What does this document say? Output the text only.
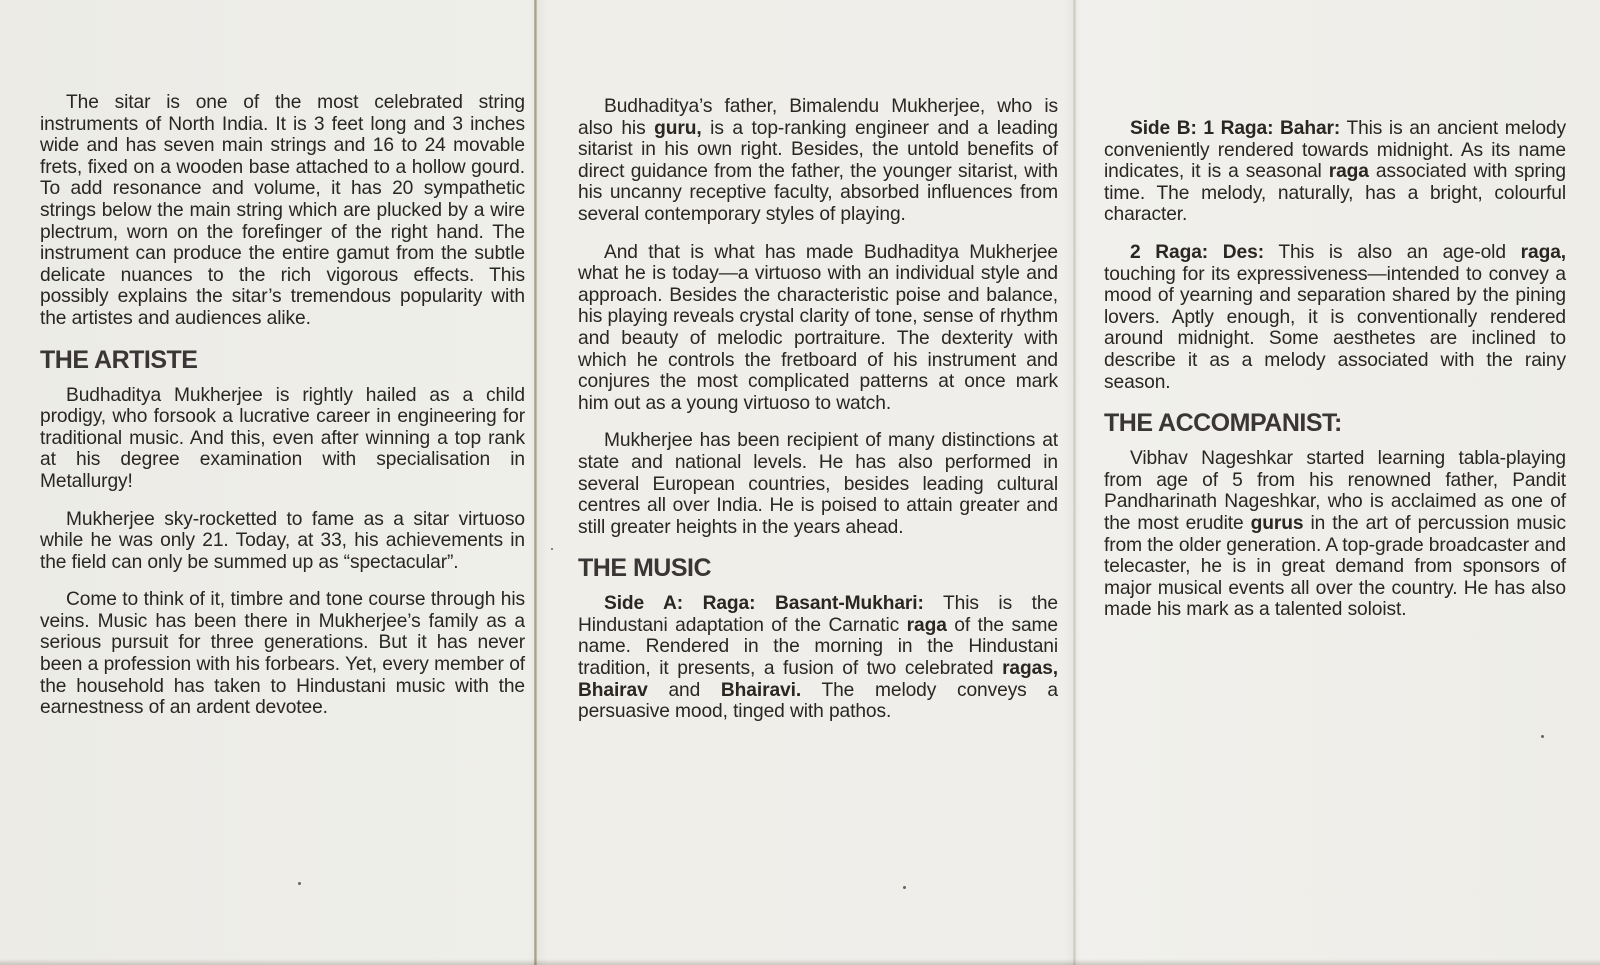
The sitar is one of the most celebrated string instruments of North India. It is 3 feet long and 3 inches wide and has seven main strings and 16 to 24 movable frets, fixed on a wooden base attached to a hollow gourd. To add resonance and volume, it has 20 sympathetic strings below the main string which are plucked by a wire plectrum, worn on the forefinger of the right hand. The instrument can produce the entire gamut from the subtle delicate nuances to the rich vigorous effects. This possibly explains the sitar’s tremendous popularity with the artistes and audiences alike.

THE ARTISTE

Budhaditya Mukherjee is rightly hailed as a child prodigy, who forsook a lucrative career in engineering for traditional music. And this, even after winning a top rank at his degree examination with specialisation in Metallurgy!

Mukherjee sky-rocketted to fame as a sitar virtuoso while he was only 21. Today, at 33, his achievements in the field can only be summed up as “spectacular”.

Come to think of it, timbre and tone course through his veins. Music has been there in Mukherjee’s family as a serious pursuit for three generations. But it has never been a profession with his forbears. Yet, every member of the household has taken to Hindustani music with the earnestness of an ardent devotee.

Budhaditya’s father, Bimalendu Mukherjee, who is also his guru, is a top-ranking engineer and a leading sitarist in his own right. Besides, the untold benefits of direct guidance from the father, the younger sitarist, with his uncanny receptive faculty, absorbed influences from several contemporary styles of playing.

And that is what has made Budhaditya Mukherjee what he is today—a virtuoso with an individual style and approach. Besides the characteristic poise and balance, his playing reveals crystal clarity of tone, sense of rhythm and beauty of melodic portraiture. The dexterity with which he controls the fretboard of his instrument and conjures the most complicated patterns at once mark him out as a young virtuoso to watch.

Mukherjee has been recipient of many distinctions at state and national levels. He has also performed in several European countries, besides leading cultural centres all over India. He is poised to attain greater and still greater heights in the years ahead.

THE MUSIC

Side A: Raga: Basant-Mukhari: This is the Hindustani adaptation of the Carnatic raga of the same name. Rendered in the morning in the Hindustani tradition, it presents, a fusion of two celebrated ragas, Bhairav and Bhairavi. The melody conveys a persuasive mood, tinged with pathos.

Side B: 1 Raga: Bahar: This is an ancient melody conveniently rendered towards midnight. As its name indicates, it is a seasonal raga associated with spring time. The melody, naturally, has a bright, colourful character.

2 Raga: Des: This is also an age-old raga, touching for its expressiveness—intended to convey a mood of yearning and separation shared by the pining lovers. Aptly enough, it is conventionally rendered around midnight. Some aesthetes are inclined to describe it as a melody associated with the rainy season.

THE ACCOMPANIST:

Vibhav Nageshkar started learning tabla-playing from age of 5 from his renowned father, Pandit Pandharinath Nageshkar, who is acclaimed as one of the most erudite gurus in the art of percussion music from the older generation. A top-grade broadcaster and telecaster, he is in great demand from sponsors of major musical events all over the country. He has also made his mark as a talented soloist.
